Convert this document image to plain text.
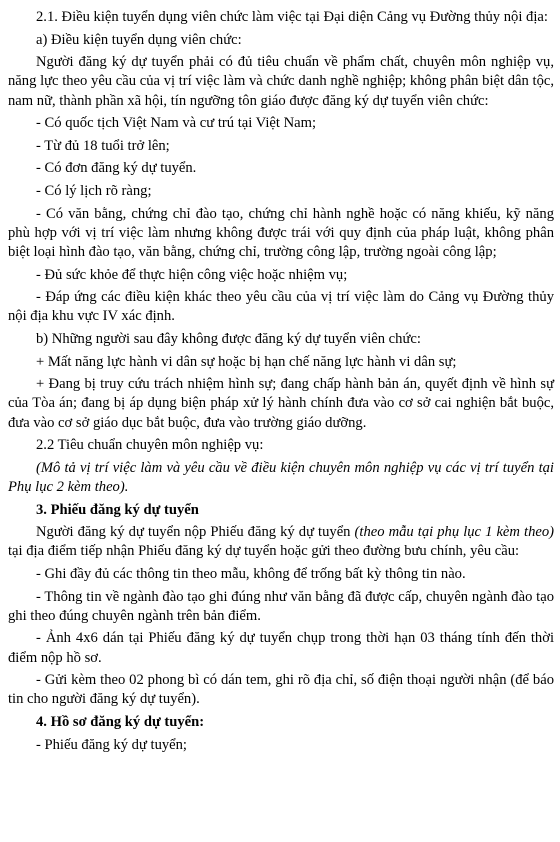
2.1. Điều kiện tuyển dụng viên chức làm việc tại Đại diện Cảng vụ Đường thủy nội địa:

a) Điều kiện tuyển dụng viên chức:

Người đăng ký dự tuyển phải có đủ tiêu chuẩn về phẩm chất, chuyên môn nghiệp vụ, năng lực theo yêu cầu của vị trí việc làm và chức danh nghề nghiệp; không phân biệt dân tộc, nam nữ, thành phần xã hội, tín ngưỡng tôn giáo được đăng ký dự tuyển viên chức:

- Có quốc tịch Việt Nam và cư trú tại Việt Nam;

- Từ đủ 18 tuổi trở lên;

- Có đơn đăng ký dự tuyển.

- Có lý lịch rõ ràng;

- Có văn bằng, chứng chỉ đào tạo, chứng chỉ hành nghề hoặc có năng khiếu, kỹ năng phù hợp với vị trí việc làm nhưng không được trái với quy định của pháp luật, không phân biệt loại hình đào tạo, văn bằng, chứng chỉ, trường công lập, trường ngoài công lập;

- Đủ sức khỏe để thực hiện công việc hoặc nhiệm vụ;

- Đáp ứng các điều kiện khác theo yêu cầu của vị trí việc làm do Cảng vụ Đường thủy nội địa khu vực IV xác định.

b) Những người sau đây không được đăng ký dự tuyển viên chức:

+ Mất năng lực hành vi dân sự hoặc bị hạn chế năng lực hành vi dân sự;

+ Đang bị truy cứu trách nhiệm hình sự; đang chấp hành bản án, quyết định về hình sự của Tòa án; đang bị áp dụng biện pháp xử lý hành chính đưa vào cơ sở cai nghiện bắt buộc, đưa vào cơ sở giáo dục bắt buộc, đưa vào trường giáo dưỡng.

2.2 Tiêu chuẩn chuyên môn nghiệp vụ:

(Mô tả vị trí việc làm và yêu cầu về điều kiện chuyên môn nghiệp vụ các vị trí tuyển tại Phụ lục 2 kèm theo).

3. Phiếu đăng ký dự tuyển

Người đăng ký dự tuyển nộp Phiếu đăng ký dự tuyển (theo mẫu tại phụ lục 1 kèm theo) tại địa điểm tiếp nhận Phiếu đăng ký dự tuyển hoặc gửi theo đường bưu chính, yêu cầu:

- Ghi đầy đủ các thông tin theo mẫu, không để trống bất kỳ thông tin nào.

- Thông tin về ngành đào tạo ghi đúng như văn bằng đã được cấp, chuyên ngành đào tạo ghi theo đúng chuyên ngành trên bản điểm.

- Ảnh 4x6 dán tại Phiếu đăng ký dự tuyển chụp trong thời hạn 03 tháng tính đến thời điểm nộp hồ sơ.

- Gửi kèm theo 02 phong bì có dán tem, ghi rõ địa chỉ, số điện thoại người nhận (để báo tin cho người đăng ký dự tuyển).

4. Hồ sơ đăng ký dự tuyển:

- Phiếu đăng ký dự tuyển;
